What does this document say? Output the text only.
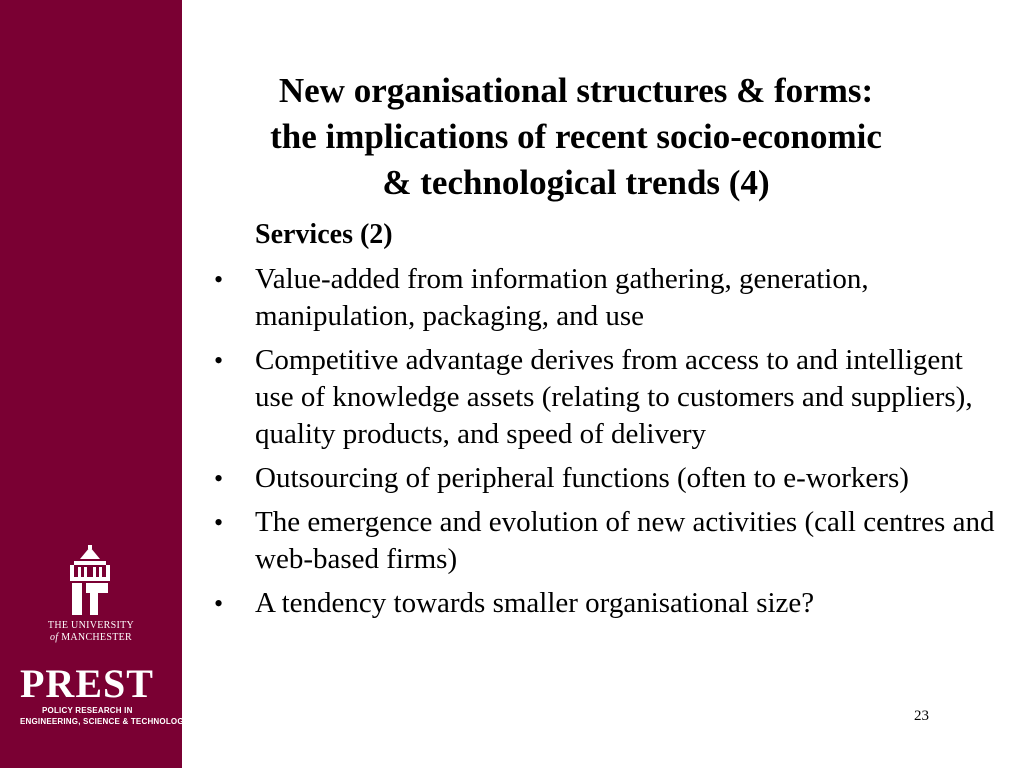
THE UNIVERSITY
of MANCHESTER
PREST
POLICY RESEARCH IN
ENGINEERING, SCIENCE & TECHNOLOGY
New organisational structures & forms:
the implications of recent socio-economic
& technological trends (4)
Services (2)
• Value-added from information gathering, generation, manipulation, packaging, and use
• Competitive advantage derives from access to and intelligent use of knowledge assets (relating to customers and suppliers), quality products, and speed of delivery
• Outsourcing of peripheral functions (often to e-workers)
• The emergence and evolution of new activities (call centres and web-based firms)
• A tendency towards smaller organisational size?
23
